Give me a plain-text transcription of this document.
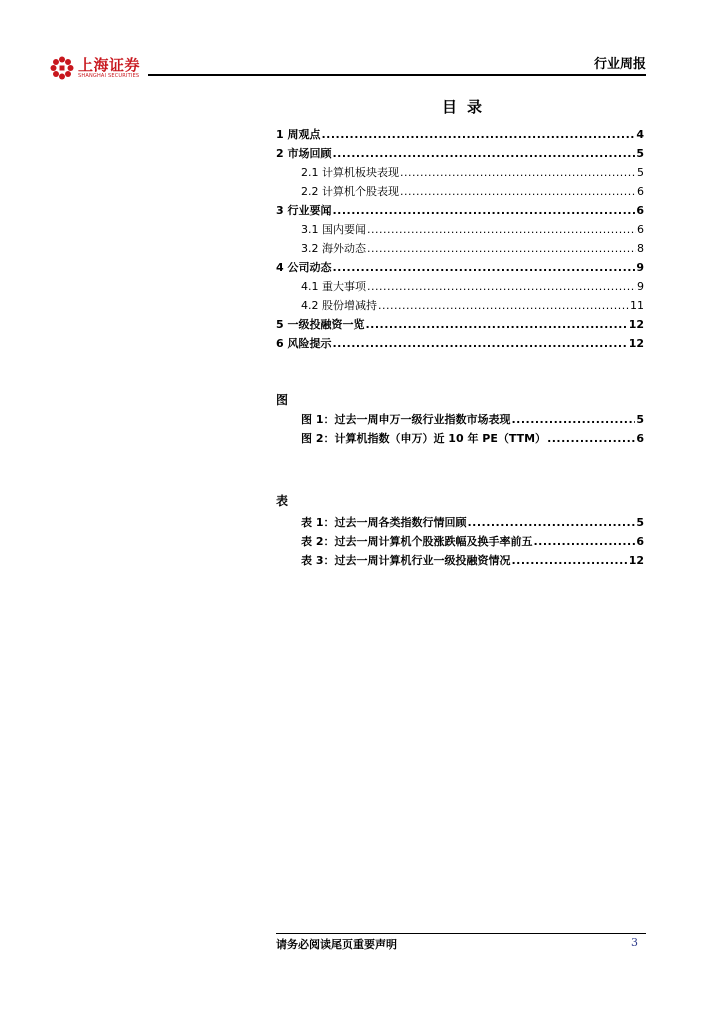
上海证券
SHANGHAI SECURITIES
行业周报
目录
1 周观点 .....	4
2 市场回顾 .....	5
2.1 计算机板块表现 .....	5
2.2 计算机个股表现 .....	6
3 行业要闻 .....	6
3.1 国内要闻 .....	6
3.2 海外动态 .....	8
4 公司动态 .....	9
4.1 重大事项 .....	9
4.2 股份增减持 .....	11
5 一级投融资一览 .....	12
6 风险提示 .....	12
图
图 1：过去一周申万一级行业指数市场表现 .....	5
图 2：计算机指数（申万）近 10 年 PE（TTM） .....	6
表
表 1：过去一周各类指数行情回顾 .....	5
表 2：过去一周计算机个股涨跌幅及换手率前五 .....	6
表 3：过去一周计算机行业一级投融资情况 .....	12
请务必阅读尾页重要声明	3
